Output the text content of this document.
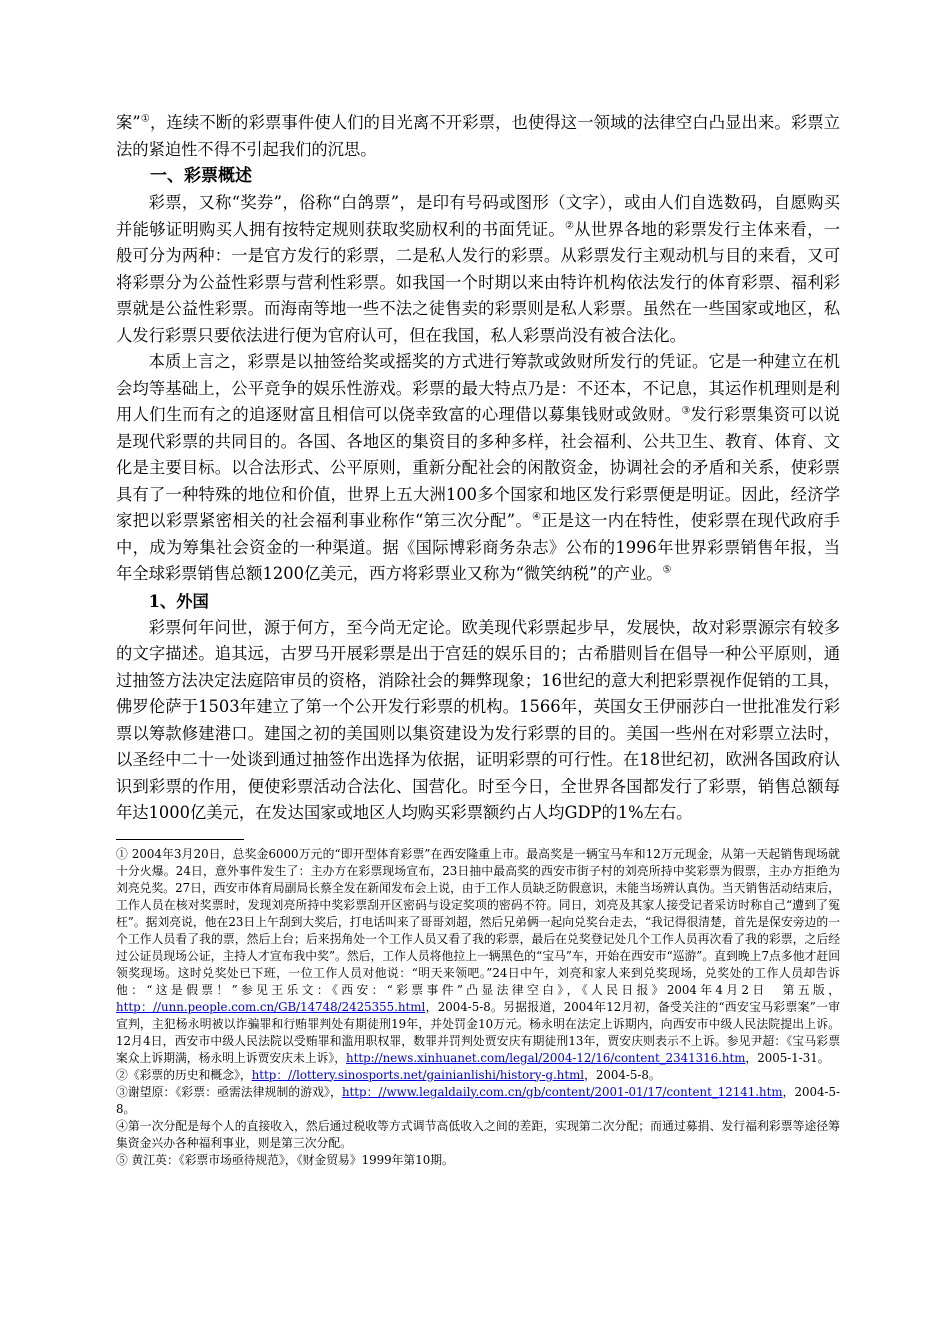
案”①，连续不断的彩票事件使人们的目光离不开彩票，也使得这一领域的法律空白凸显出来。彩票立法的紧迫性不得不引起我们的沉思。

一、彩票概述

彩票，又称“奖券”，俗称“白鸽票”，是印有号码或图形（文字），或由人们自选数码，自愿购买并能够证明购买人拥有按特定规则获取奖励权利的书面凭证。②从世界各地的彩票发行主体来看，一般可分为两种：一是官方发行的彩票，二是私人发行的彩票。从彩票发行主观动机与目的来看，又可将彩票分为公益性彩票与营利性彩票。如我国一个时期以来由特许机构依法发行的体育彩票、福利彩票就是公益性彩票。而海南等地一些不法之徒售卖的彩票则是私人彩票。虽然在一些国家或地区，私人发行彩票只要依法进行便为官府认可，但在我国，私人彩票尚没有被合法化。

本质上言之，彩票是以抽签给奖或摇奖的方式进行筹款或敛财所发行的凭证。它是一种建立在机会均等基础上，公平竞争的娱乐性游戏。彩票的最大特点乃是：不还本，不记息，其运作机理则是利用人们生而有之的追逐财富且相信可以侥幸致富的心理借以募集钱财或敛财。③发行彩票集资可以说是现代彩票的共同目的。各国、各地区的集资目的多种多样，社会福利、公共卫生、教育、体育、文化是主要目标。以合法形式、公平原则，重新分配社会的闲散资金，协调社会的矛盾和关系，使彩票具有了一种特殊的地位和价值，世界上五大洲100多个国家和地区发行彩票便是明证。因此，经济学家把以彩票紧密相关的社会福利事业称作“第三次分配”。④正是这一内在特性，使彩票在现代政府手中，成为筹集社会资金的一种渠道。据《国际博彩商务杂志》公布的1996年世界彩票销售年报，当年全球彩票销售总额1200亿美元，西方将彩票业又称为“微笑纳税”的产业。⑤

1、外国

彩票何年问世，源于何方，至今尚无定论。欧美现代彩票起步早，发展快，故对彩票源宗有较多的文字描述。追其远，古罗马开展彩票是出于宫廷的娱乐目的；古希腊则旨在倡导一种公平原则，通过抽签方法决定法庭陪审员的资格，消除社会的舞弊现象；16世纪的意大利把彩票视作促销的工具，佛罗伦萨于1503年建立了第一个公开发行彩票的机构。1566年，英国女王伊丽莎白一世批准发行彩票以筹款修建港口。建国之初的美国则以集资建设为发行彩票的目的。美国一些州在对彩票立法时，以圣经中二十一处谈到通过抽签作出选择为依据，证明彩票的可行性。在18世纪初，欧洲各国政府认识到彩票的作用，便使彩票活动合法化、国营化。时至今日，全世界各国都发行了彩票，销售总额每年达1000亿美元，在发达国家或地区人均购买彩票额约占人均GDP的1%左右。

① 2004年3月20日，总奖金6000万元的“即开型体育彩票”在西安隆重上市。最高奖是一辆宝马车和12万元现金，从第一天起销售现场就十分火爆。24日，意外事件发生了：主办方在彩票现场宣布，23日抽中最高奖的西安市街子村的刘亮所持中奖彩票为假票，主办方拒绝为刘亮兑奖。27日，西安市体育局副局长蔡全发在新闻发布会上说，由于工作人员缺乏防假意识，未能当场辨认真伪。当天销售活动结束后，工作人员在核对奖票时，发现刘亮所持中奖彩票刮开区密码与设定奖项的密码不符。同日，刘亮及其家人接受记者采访时称自己“遭到了冤枉”。据刘亮说，他在23日上午刮到大奖后，打电话叫来了哥哥刘超，然后兄弟俩一起向兑奖台走去，“我记得很清楚，首先是保安旁边的一个工作人员看了我的票，然后上台；后来拐角处一个工作人员又看了我的彩票，最后在兑奖登记处几个工作人员再次看了我的彩票，之后经过公证员现场公证，主持人才宣布我中奖”。然后，工作人员将他拉上一辆黑色的“宝马”车，开始在西安市“巡游”。直到晚上7点多他才赶回领奖现场。这时兑奖处已下班，一位工作人员对他说：“明天来领吧。”24日中午，刘亮和家人来到兑奖现场，兑奖处的工作人员却告诉他：“这是假票！”参见王乐文：《西安：“彩票事件”凸显法律空白》，《人民日报》2004年4月2日　第五版，http：//unn.people.com.cn/GB/14748/2425355.html，2004-5-8。另据报道，2004年12月初，备受关注的“西安宝马彩票案”一审宣判，主犯杨永明被以诈骗罪和行贿罪判处有期徒刑19年，并处罚金10万元。杨永明在法定上诉期内，向西安市中级人民法院提出上诉。12月4日，西安市中级人民法院以受贿罪和滥用职权罪，数罪并罚判处贾安庆有期徒刑13年，贾安庆则表示不上诉。参见尹超：《宝马彩票案众上诉期满，杨永明上诉贾安庆未上诉》，http://news.xinhuanet.com/legal/2004-12/16/content_2341316.htm，2005-1-31。

②《彩票的历史和概念》，http：//lottery.sinosports.net/gainianlishi/history-g.html，2004-5-8。

③谢望原：《彩票：亟需法律规制的游戏》，http：//www.legaldaily.com.cn/gb/content/2001-01/17/content_12141.htm，2004-5-8。

④第一次分配是每个人的直接收入，然后通过税收等方式调节高低收入之间的差距，实现第二次分配；而通过募捐、发行福利彩票等途径筹集资金兴办各种福利事业，则是第三次分配。

⑤ 黄江英：《彩票市场亟待规范》，《财金贸易》1999年第10期。
